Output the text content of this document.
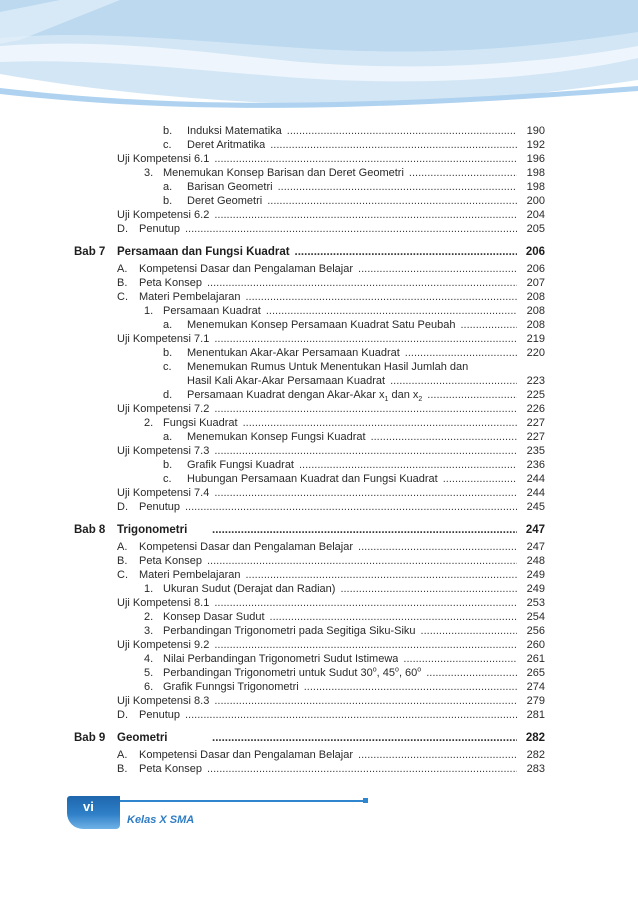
b.	Induksi Matematika .....	190
c.	Deret Aritmatika .....	192
Uji Kompetensi 6.1 .....	196
3. Menemukan Konsep Barisan dan Deret Geometri .....	198
a.	Barisan Geometri .....	198
b.	Deret Geometri .....	200
Uji Kompetensi 6.2 .....	204
D.	Penutup .....	205
Bab 7 Persamaan dan Fungsi Kuadrat .....	206
A.	Kompetensi Dasar dan Pengalaman Belajar .....	206
B.	Peta Konsep .....	207
C.	Materi Pembelajaran .....	208
1. Persamaan Kuadrat .....	208
a.	Menemukan Konsep Persamaan Kuadrat Satu Peubah .....	208
Uji Kompetensi 7.1 .....	219
b.	Menentukan Akar-Akar Persamaan Kuadrat .....	220
c.	Menemukan Rumus Untuk Menentukan Hasil Jumlah dan
Hasil Kali Akar-Akar Persamaan Kuadrat .....	223
d.	Persamaan Kuadrat dengan Akar-Akar $x_1$ dan $x_2$ .....	225
Uji Kompetensi 7.2 .....	226
2. Fungsi Kuadrat .....	227
a.	Menemukan Konsep Fungsi Kuadrat .....	227
Uji Kompetensi 7.3 .....	235
b.	Grafik Fungsi Kuadrat .....	236
c.	Hubungan Persamaan Kuadrat dan Fungsi Kuadrat .....	244
Uji Kompetensi 7.4 .....	244
D.	Penutup .....	245
Bab 8 Trigonometri .....	247
A.	Kompetensi Dasar dan Pengalaman Belajar .....	247
B.	Peta Konsep .....	248
C.	Materi Pembelajaran .....	249
1. Ukuran Sudut (Derajat dan Radian) .....	249
Uji Kompetensi 8.1 .....	253
2. Konsep Dasar Sudut .....	254
3. Perbandingan Trigonometri pada Segitiga Siku-Siku .....	256
Uji Kompetensi 9.2 .....	260
4. Nilai Perbandingan Trigonometri Sudut Istimewa .....	261
5. Perbandingan Trigonometri untuk Sudut 30$^o$, 45$^o$, 60$^o$ .....	265
6. Grafik Funngsi Trigonometri .....	274
Uji Kompetensi 8.3 .....	279
D.	Penutup .....	281
Bab 9 Geometri .....	282
A.	Kompetensi Dasar dan Pengalaman Belajar .....	282
B.	Peta Konsep .....	283
vi
Kelas X SMA
